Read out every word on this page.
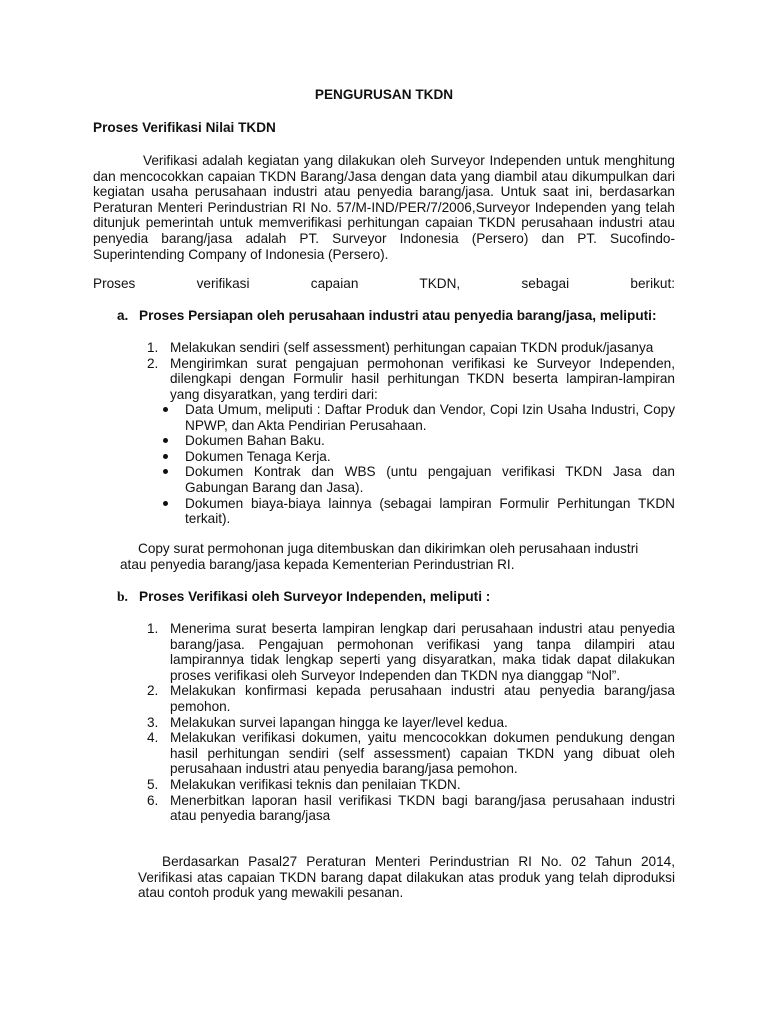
PENGURUSAN TKDN
Proses Verifikasi Nilai TKDN

Verifikasi adalah kegiatan yang dilakukan oleh Surveyor Independen untuk menghitung dan mencocokkan capaian TKDN Barang/Jasa dengan data yang diambil atau dikumpulkan dari kegiatan usaha perusahaan industri atau penyedia barang/jasa. Untuk saat ini, berdasarkan Peraturan Menteri Perindustrian RI No. 57/M-IND/PER/7/2006,Surveyor Independen yang telah ditunjuk pemerintah untuk memverifikasi perhitungan capaian TKDN perusahaan industri atau penyedia barang/jasa adalah PT. Surveyor Indonesia (Persero) dan PT. Sucofindo-Superintending Company of Indonesia (Persero).

Proses verifikasi capaian TKDN, sebagai berikut:

a. Proses Persiapan oleh perusahaan industri atau penyedia barang/jasa, meliputi:
1. Melakukan sendiri (self assessment) perhitungan capaian TKDN produk/jasanya
2. Mengirimkan surat pengajuan permohonan verifikasi ke Surveyor Independen, dilengkapi dengan Formulir hasil perhitungan TKDN beserta lampiran-lampiran yang disyaratkan, yang terdiri dari:
Data Umum, meliputi : Daftar Produk dan Vendor, Copi Izin Usaha Industri, Copy NPWP, dan Akta Pendirian Perusahaan.
Dokumen Bahan Baku.
Dokumen Tenaga Kerja.
Dokumen Kontrak dan WBS (untu pengajuan verifikasi TKDN Jasa dan Gabungan Barang dan Jasa).
Dokumen biaya-biaya lainnya (sebagai lampiran Formulir Perhitungan TKDN terkait).
Copy surat permohonan juga ditembuskan dan dikirimkan oleh perusahaan industri
atau penyedia barang/jasa kepada Kementerian Perindustrian RI.
b. Proses Verifikasi oleh Surveyor Independen, meliputi :
1. Menerima surat beserta lampiran lengkap dari perusahaan industri atau penyedia barang/jasa. Pengajuan permohonan verifikasi yang tanpa dilampiri atau lampirannya tidak lengkap seperti yang disyaratkan, maka tidak dapat dilakukan proses verifikasi oleh Surveyor Independen dan TKDN nya dianggap “Nol”.
2. Melakukan konfirmasi kepada perusahaan industri atau penyedia barang/jasa pemohon.
3. Melakukan survei lapangan hingga ke layer/level kedua.
4. Melakukan verifikasi dokumen, yaitu mencocokkan dokumen pendukung dengan hasil perhitungan sendiri (self assessment) capaian TKDN yang dibuat oleh perusahaan industri atau penyedia barang/jasa pemohon.
5. Melakukan verifikasi teknis dan penilaian TKDN.
6. Menerbitkan laporan hasil verifikasi TKDN bagi barang/jasa perusahaan industri atau penyedia barang/jasa

Berdasarkan Pasal27 Peraturan Menteri Perindustrian RI No. 02 Tahun 2014, Verifikasi atas capaian TKDN barang dapat dilakukan atas produk yang telah diproduksi atau contoh produk yang mewakili pesanan.
